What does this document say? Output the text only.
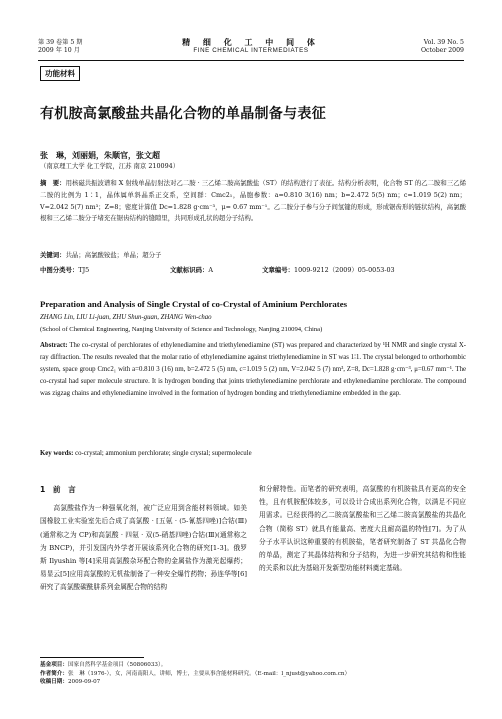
第 39 卷第 5 期
2009 年 10 月
精 细 化 工 中 间 体
FINE CHEMICAL INTERMEDIATES
Vol. 39 No. 5
October 2009
功能材料
有机胺高氯酸盐共晶化合物的单晶制备与表征
张　琳，刘丽娟，朱顺官，张文超
（南京理工大学 化工学院，江苏 南京 210094）
摘　要：用核磁共振波谱和 X 射线单晶衍射法对乙二胺 · 三乙烯二胺高氯酸盐（ST）的结构进行了表征。结构分析表明，化合物 ST 的乙二胺和三乙烯二胺的比例为 1∶1，晶体属单斜晶系正交系，空间群：Cmc2₁，晶胞参数：a=0.810 3(16) nm；b=2.472 5(5) nm；c=1.019 5(2) nm；V=2.042 5(7) nm³；Z=8；密度计算值 Dc=1.828 g·cm⁻³，μ= 0.67 mm⁻¹。乙二胺分子参与分子间氢键的形成，形成锯齿形的链状结构，高氯酸根和三乙烯二胺分子堵充在锯齿结构的缝隙里，共同形成孔状的超分子结构。
关键词：共晶；高氯酸铵盐；单晶；超分子
中图分类号：TJ5	文献标识码：A	文章编号：1009-9212（2009）05-0053-03
Preparation and Analysis of Single Crystal of co-Crystal of Aminium Perchlorates
ZHANG Lin, LIU Li-juan, ZHU Shun-guan, ZHANG Wen-chao
(School of Chemical Engineering, Nanjing University of Science and Technology, Nanjing 210094, China)
Abstract: The co-crystal of perchlorates of ethylenediamine and triethylenediamine (ST) was prepared and characterized by ¹H NMR and single crystal X-ray diffraction. The results revealed that the molar ratio of ethylenediamine against triethylenediamine in ST was 1∶1. The crystal belonged to orthorhombic system, space group Cmc2₁ with a=0.810 3 (16) nm, b=2.472 5 (5) nm, c=1.019 5 (2) nm, V=2.042 5 (7) nm³, Z=8, Dc=1.828 g·cm⁻³, μ=0.67 mm⁻¹. The co-crystal had super molecule structure. It is hydrogen bonding that joints triethylenediamine perchlorate and ethylenediamine perchlorate. The compound was zigzag chains and ethylenediamine involved in the formation of hydrogen bonding and triethylenediamine embedded in the gap.
Key words: co-crystal; ammonium perchlorate; single crystal; supermolecule
1　前　言

高氯酸盐作为一种强氧化剂，被广泛应用到含能材料领域。如美国橡胶工业实验室先后合成了高氯酸 · [五氨 · (5-氰基四唑)]合钴(Ⅲ)(通常称之为 CP)和高氯酸 · 四氨 · 双(5-硝基四唑)合钴(Ⅲ)(通常称之为 BNCP)，并引发国内外学者开展该系列化合物的研究[1-3]。俄罗斯 Ilyushin 等[4]采用高氯酸杂环配合物的金属盐作为激光起爆药；易显云[5]应用高氯酸的无机盐制备了一种安全爆竹药物；孙连华等[6]研究了高氯酸碳酰肼系列金属配合物的结构

和分解特性。而笔者的研究表明，高氯酸的有机胺盐具有更高的安全性，且有机胺配体较多，可以设计合成出系列化合物，以满足不同应用需求。已经获得的乙二胺高氯酸盐和三乙烯二胺高氯酸盐的共晶化合物（简称 ST）就具有能量高、密度大且耐高温的特性[7]。为了从分子水平认识这种重要的有机胺盐，笔者研究制备了 ST 共晶化合物的单晶，测定了其晶体结构和分子结构，为进一步研究其结构和性能的关系和以此为基础开发新型功能材料奠定基础。

基金项目：国家自然科学基金项目（50806033）。
作者简介：张　琳（1976-），女，河南南阳人，讲师，博士，主要从事含能材料研究。（E-mail：l_njust@yahoo.com.cn）
收稿日期：2009-09-07
